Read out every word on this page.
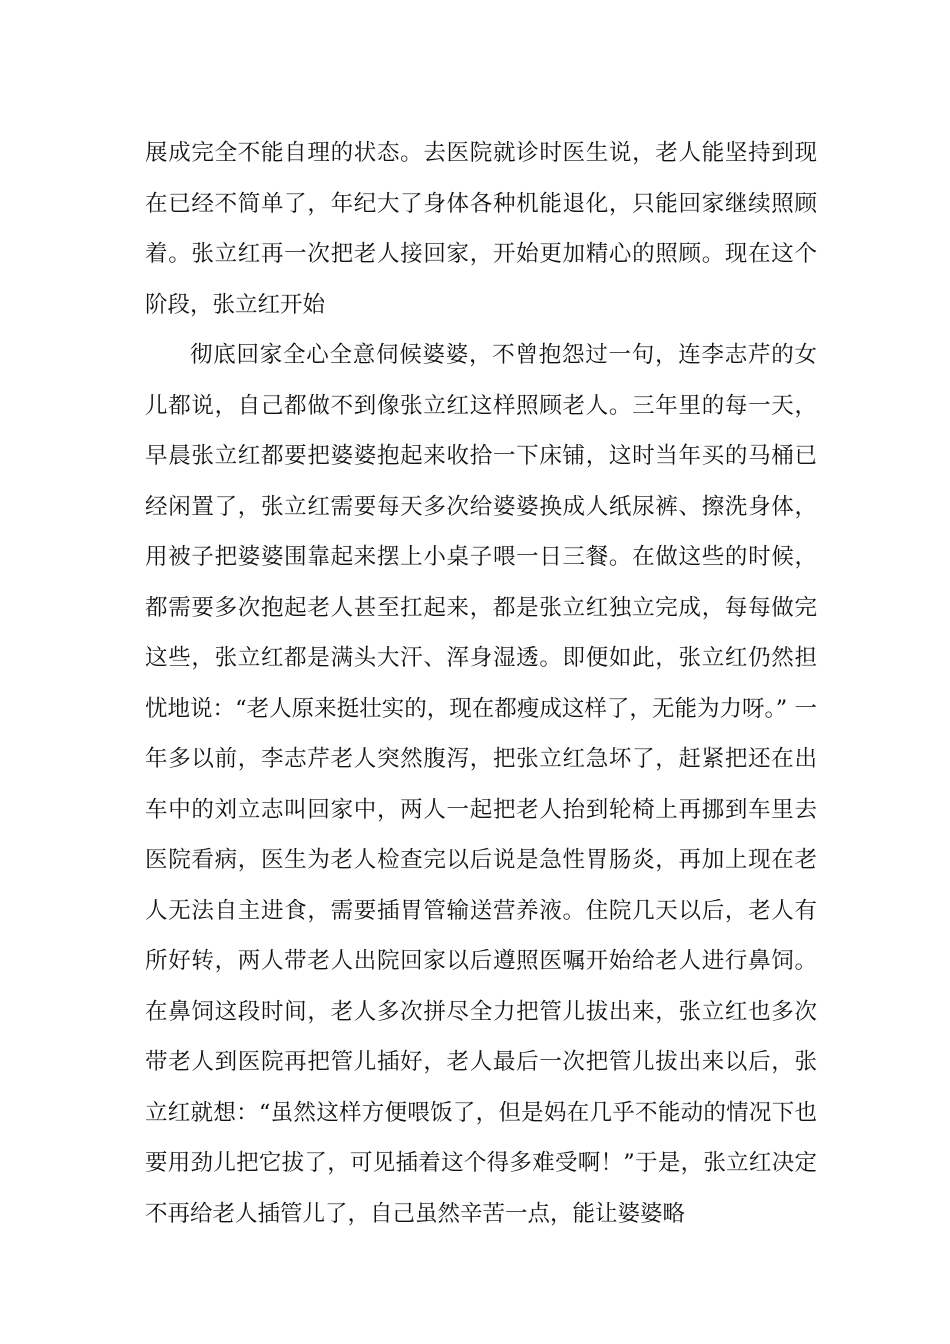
展成完全不能自理的状态。去医院就诊时医生说，老人能坚持到现在已经不简单了，年纪大了身体各种机能退化，只能回家继续照顾着。张立红再一次把老人接回家，开始更加精心的照顾。现在这个阶段，张立红开始

彻底回家全心全意伺候婆婆，不曾抱怨过一句，连李志芹的女儿都说，自己都做不到像张立红这样照顾老人。三年里的每一天，早晨张立红都要把婆婆抱起来收拾一下床铺，这时当年买的马桶已经闲置了，张立红需要每天多次给婆婆换成人纸尿裤、擦洗身体，用被子把婆婆围靠起来摆上小桌子喂一日三餐。在做这些的时候，都需要多次抱起老人甚至扛起来，都是张立红独立完成，每每做完这些，张立红都是满头大汗、浑身湿透。即便如此，张立红仍然担忧地说：“老人原来挺壮实的，现在都瘦成这样了，无能为力呀。” 一年多以前，李志芹老人突然腹泻，把张立红急坏了，赶紧把还在出车中的刘立志叫回家中，两人一起把老人抬到轮椅上再挪到车里去医院看病，医生为老人检查完以后说是急性胃肠炎，再加上现在老人无法自主进食，需要插胃管输送营养液。住院几天以后，老人有所好转，两人带老人出院回家以后遵照医嘱开始给老人进行鼻饲。在鼻饲这段时间，老人多次拼尽全力把管儿拔出来，张立红也多次带老人到医院再把管儿插好，老人最后一次把管儿拔出来以后，张立红就想：“虽然这样方便喂饭了，但是妈在几乎不能动的情况下也要用劲儿把它拔了，可见插着这个得多难受啊！”于是，张立红决定不再给老人插管儿了，自己虽然辛苦一点，能让婆婆略
